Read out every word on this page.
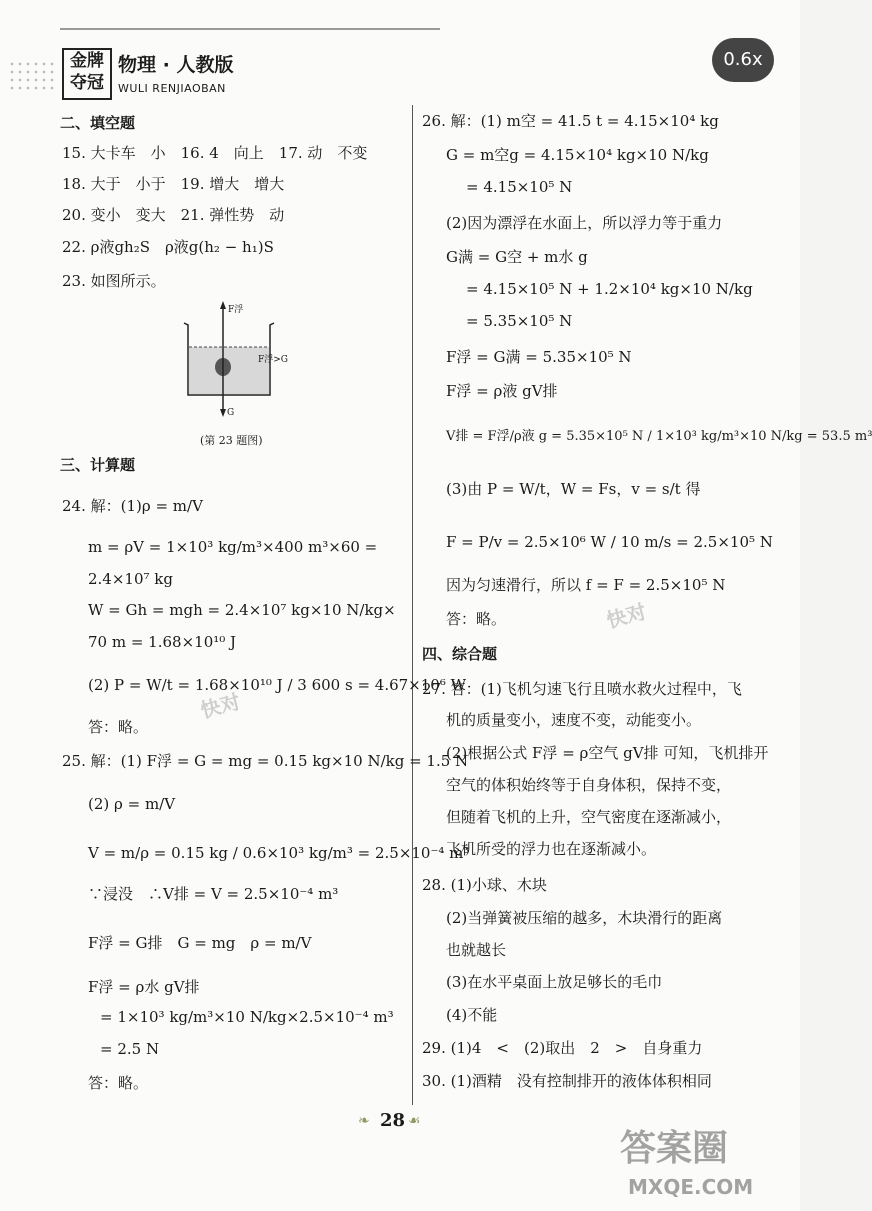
金牌
夺冠
物理 · 人教版
WULI RENJIAOBAN
0.6x
二、填空题
15. 大卡车　小　16. 4　向上　17. 动　不变
18. 大于　小于　19. 增大　增大
20. 变小　变大　21. 弹性势　动
22. ρ液gh₂S　ρ液g(h₂ − h₁)S
23. 如图所示。
F浮
F浮>G
G
(第 23 题图)
三、计算题
24. 解：(1)ρ = m/V
m = ρV = 1×10³ kg/m³×400 m³×60 =
2.4×10⁷ kg
W = Gh = mgh = 2.4×10⁷ kg×10 N/kg×
70 m = 1.68×10¹⁰ J
(2) P = W/t = 1.68×10¹⁰ J / 3 600 s = 4.67×10⁶ W
答：略。
25. 解：(1) F浮 = G = mg = 0.15 kg×10 N/kg = 1.5 N
(2) ρ = m/V
V = m/ρ = 0.15 kg / 0.6×10³ kg/m³ = 2.5×10⁻⁴ m³
∵浸没　∴V排 = V = 2.5×10⁻⁴ m³
F浮 = G排　G = mg　ρ = m/V
F浮 = ρ水 gV排
= 1×10³ kg/m³×10 N/kg×2.5×10⁻⁴ m³
= 2.5 N
答：略。
26. 解：(1) m空 = 41.5 t = 4.15×10⁴ kg
G = m空g = 4.15×10⁴ kg×10 N/kg
= 4.15×10⁵ N
(2)因为漂浮在水面上，所以浮力等于重力
G满 = G空 + m水 g
= 4.15×10⁵ N + 1.2×10⁴ kg×10 N/kg
= 5.35×10⁵ N
F浮 = G满 = 5.35×10⁵ N
F浮 = ρ液 gV排
V排 = F浮/ρ液 g = 5.35×10⁵ N / 1×10³ kg/m³×10 N/kg = 53.5 m³
(3)由 P = W/t，W = Fs，v = s/t 得
F = P/v = 2.5×10⁶ W / 10 m/s = 2.5×10⁵ N
因为匀速滑行，所以 f = F = 2.5×10⁵ N
答：略。
四、综合题
27. 答：(1)飞机匀速飞行且喷水救火过程中，飞
机的质量变小，速度不变，动能变小。
(2)根据公式 F浮 = ρ空气 gV排 可知，飞机排开
空气的体积始终等于自身体积，保持不变，
但随着飞机的上升，空气密度在逐渐减小，
飞机所受的浮力也在逐渐减小。
28. (1)小球、木块
(2)当弹簧被压缩的越多，木块滑行的距离
也就越长
(3)在水平桌面上放足够长的毛巾
(4)不能
29. (1)4　<　(2)取出　2　>　自身重力
30. (1)酒精　没有控制排开的液体体积相同
❧ 28 ☙
快对
快对
答案圈
MXQE.COM
